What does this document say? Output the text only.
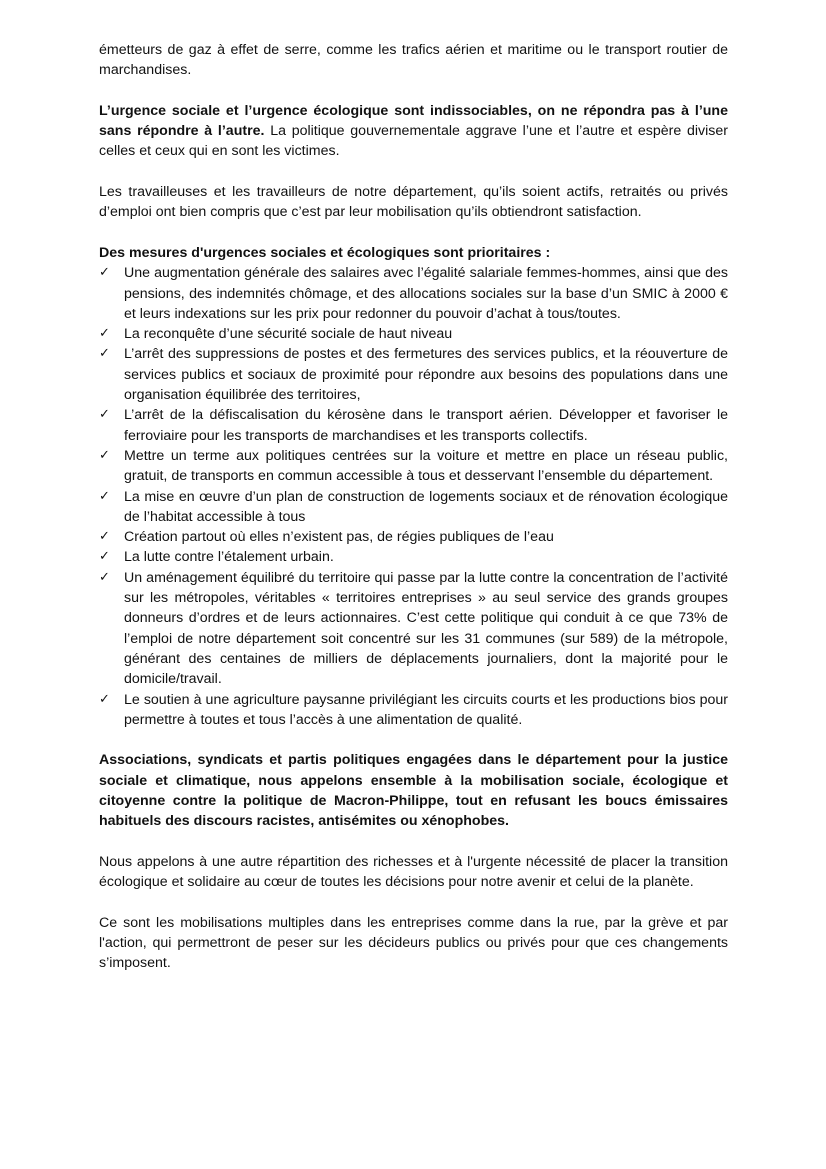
émetteurs de gaz à effet de serre, comme les trafics aérien et maritime ou le transport routier de marchandises.

L’urgence sociale et l’urgence écologique sont indissociables, on ne répondra pas à l’une sans répondre à l’autre. La politique gouvernementale aggrave l’une et l’autre et espère diviser celles et ceux qui en sont les victimes.

Les travailleuses et les travailleurs de notre département, qu’ils soient actifs, retraités ou privés d’emploi ont bien compris que c’est par leur mobilisation qu’ils obtiendront satisfaction.

Des mesures d'urgences sociales et écologiques sont prioritaires :

✓ Une augmentation générale des salaires avec l’égalité salariale femmes-hommes, ainsi que des pensions, des indemnités chômage, et des allocations sociales sur la base d’un SMIC à 2000 € et leurs indexations sur les prix pour redonner du pouvoir d’achat à tous/toutes.
✓ La reconquête d’une sécurité sociale de haut niveau
✓ L’arrêt des suppressions de postes et des fermetures des services publics, et la réouverture de services publics et sociaux de proximité pour répondre aux besoins des populations dans une organisation équilibrée des territoires,
✓ L’arrêt de la défiscalisation du kérosène dans le transport aérien. Développer et favoriser le ferroviaire pour les transports de marchandises et les transports collectifs.
✓ Mettre un terme aux politiques centrées sur la voiture et mettre en place un réseau public, gratuit, de transports en commun accessible à tous et desservant l’ensemble du département.
✓ La mise en œuvre d’un plan de construction de logements sociaux et de rénovation écologique de l’habitat accessible à tous
✓ Création partout où elles n’existent pas, de régies publiques de l’eau
✓ La lutte contre l’étalement urbain.
✓ Un aménagement équilibré du territoire qui passe par la lutte contre la concentration de l’activité sur les métropoles, véritables « territoires entreprises » au seul service des grands groupes donneurs d’ordres et de leurs actionnaires. C’est cette politique qui conduit à ce que 73% de l’emploi de notre département soit concentré sur les 31 communes (sur 589) de la métropole, générant des centaines de milliers de déplacements journaliers, dont la majorité pour le domicile/travail.
✓ Le soutien à une agriculture paysanne privilégiant les circuits courts et les productions bios pour permettre à toutes et tous l’accès à une alimentation de qualité.

Associations, syndicats et partis politiques engagées dans le département pour la justice sociale et climatique, nous appelons ensemble à la mobilisation sociale, écologique et citoyenne contre la politique de Macron-Philippe, tout en refusant les boucs émissaires habituels des discours racistes, antisémites ou xénophobes.

Nous appelons à une autre répartition des richesses et à l'urgente nécessité de placer la transition écologique et solidaire au cœur de toutes les décisions pour notre avenir et celui de la planète.

Ce sont les mobilisations multiples dans les entreprises comme dans la rue, par la grève et par l'action, qui permettront de peser sur les décideurs publics ou privés pour que ces changements s’imposent.
